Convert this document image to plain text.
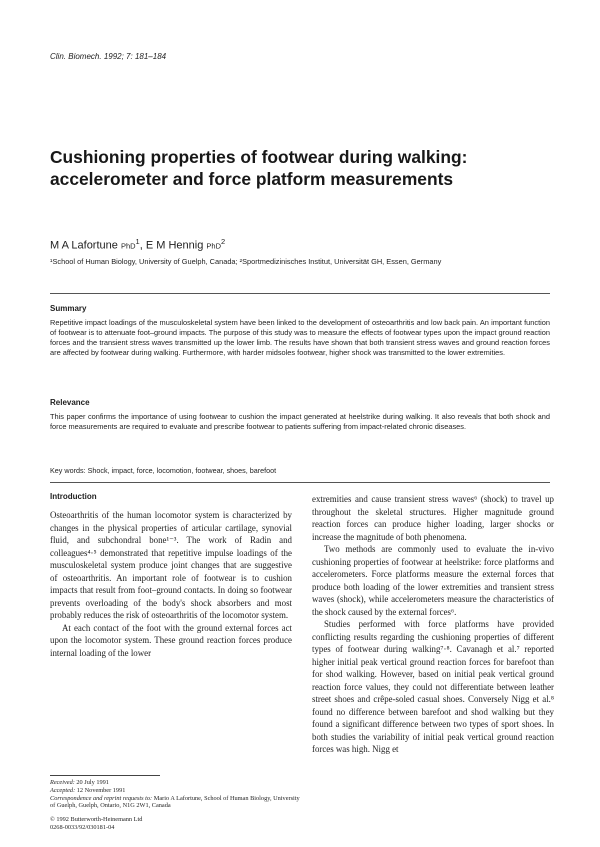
Clin. Biomech. 1992; 7: 181–184
Cushioning properties of footwear during walking: accelerometer and force platform measurements
M A Lafortune PhD$^1$, E M Hennig PhD$^2$
¹School of Human Biology, University of Guelph, Canada; ²Sportmedizinisches Institut, Universität GH, Essen, Germany
Summary

Repetitive impact loadings of the musculoskeletal system have been linked to the development of osteoarthritis and low back pain. An important function of footwear is to attenuate foot–ground impacts. The purpose of this study was to measure the effects of footwear types upon the impact ground reaction forces and the transient stress waves transmitted up the lower limb. The results have shown that both transient stress waves and ground reaction forces are affected by footwear during walking. Furthermore, with harder midsoles footwear, higher shock was transmitted to the lower extremities.

Relevance

This paper confirms the importance of using footwear to cushion the impact generated at heelstrike during walking. It also reveals that both shock and force measurements are required to evaluate and prescribe footwear to patients suffering from impact-related chronic diseases.

Key words: Shock, impact, force, locomotion, footwear, shoes, barefoot
Introduction

Osteoarthritis of the human locomotor system is characterized by changes in the physical properties of articular cartilage, synovial fluid, and subchondral bone¹⁻³. The work of Radin and colleagues⁴·⁵ demonstrated that repetitive impulse loadings of the musculoskeletal system produce joint changes that are suggestive of osteoarthritis. An important role of footwear is to cushion impacts that result from foot–ground contacts. In doing so footwear prevents overloading of the body's shock absorbers and most probably reduces the risk of osteoarthritis of the locomotor system.

At each contact of the foot with the ground external forces act upon the locomotor system. These ground reaction forces produce internal loading of the lower

extremities and cause transient stress waves⁶ (shock) to travel up throughout the skeletal structures. Higher magnitude ground reaction forces can produce higher loading, larger shocks or increase the magnitude of both phenomena.

Two methods are commonly used to evaluate the in-vivo cushioning properties of footwear at heelstrike: force platforms and accelerometers. Force platforms measure the external forces that produce both loading of the lower extremities and transient stress waves (shock), while accelerometers measure the characteristics of the shock caused by the external forces⁶.

Studies performed with force platforms have provided conflicting results regarding the cushioning properties of different types of footwear during walking⁷·⁸. Cavanagh et al.⁷ reported higher initial peak vertical ground reaction forces for barefoot than for shod walking. However, based on initial peak vertical ground reaction force values, they could not differentiate between leather street shoes and crêpe-soled casual shoes. Conversely Nigg et al.⁸ found no difference between barefoot and shod walking but they found a significant difference between two types of sport shoes. In both studies the variability of initial peak vertical ground reaction forces was high. Nigg et

Received: 20 July 1991

Accepted: 12 November 1991

Correspondence and reprint requests to: Mario A Lafortune, School of Human Biology, University of Guelph, Guelph, Ontario, N1G 2W1, Canada

© 1992 Butterworth-Heinemann Ltd

0268-0033/92/030181-04
